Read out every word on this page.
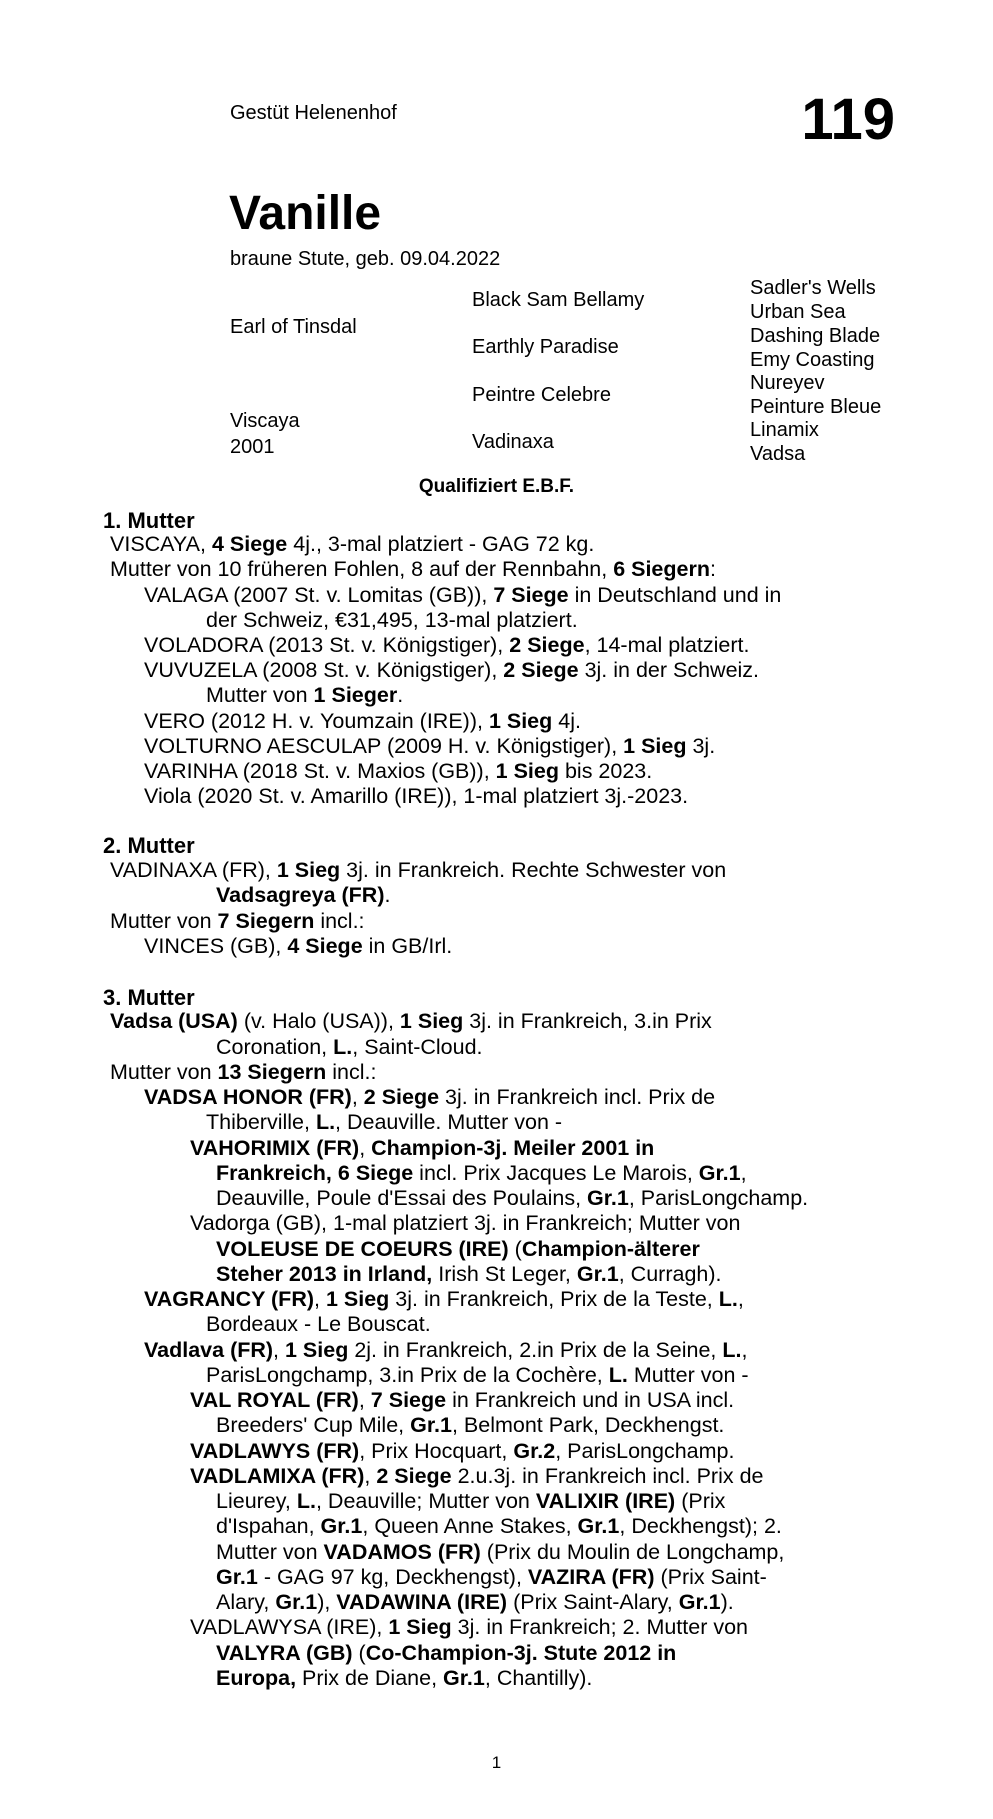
Gestüt Helenenhof	119
Vanille
braune Stute, geb. 09.04.2022
Earl of Tinsdal
Viscaya
2001
Black Sam Bellamy
Earthly Paradise
Peintre Celebre
Vadinaxa
Sadler's Wells
Urban Sea
Dashing Blade
Emy Coasting
Nureyev
Peinture Bleue
Linamix
Vadsa
Qualifiziert E.B.F.
1. Mutter
2. Mutter
3. Mutter
VISCAYA, 4 Siege 4j., 3-mal platziert - GAG 72 kg.
Mutter von 10 früheren Fohlen, 8 auf der Rennbahn, 6 Siegern:
VALAGA (2007 St. v. Lomitas (GB)), 7 Siege in Deutschland und in
der Schweiz, €31,495, 13-mal platziert.
VOLADORA (2013 St. v. Königstiger), 2 Siege, 14-mal platziert.
VUVUZELA (2008 St. v. Königstiger), 2 Siege 3j. in der Schweiz.
Mutter von 1 Sieger.
VERO (2012 H. v. Youmzain (IRE)), 1 Sieg 4j.
VOLTURNO AESCULAP (2009 H. v. Königstiger), 1 Sieg 3j.
VARINHA (2018 St. v. Maxios (GB)), 1 Sieg bis 2023.
Viola (2020 St. v. Amarillo (IRE)), 1-mal platziert 3j.-2023.
VADINAXA (FR), 1 Sieg 3j. in Frankreich. Rechte Schwester von
Vadsagreya (FR).
Mutter von 7 Siegern incl.:
VINCES (GB), 4 Siege in GB/Irl.
Vadsa (USA) (v. Halo (USA)), 1 Sieg 3j. in Frankreich, 3.in Prix
Coronation, L., Saint-Cloud.
Mutter von 13 Siegern incl.:
VADSA HONOR (FR), 2 Siege 3j. in Frankreich incl. Prix de
Thiberville, L., Deauville. Mutter von -
VAHORIMIX (FR), Champion-3j. Meiler 2001 in
Frankreich, 6 Siege incl. Prix Jacques Le Marois, Gr.1,
Deauville, Poule d'Essai des Poulains, Gr.1, ParisLongchamp.
Vadorga (GB), 1-mal platziert 3j. in Frankreich; Mutter von
VOLEUSE DE COEURS (IRE) (Champion-älterer
Steher 2013 in Irland, Irish St Leger, Gr.1, Curragh).
VAGRANCY (FR), 1 Sieg 3j. in Frankreich, Prix de la Teste, L.,
Bordeaux - Le Bouscat.
Vadlava (FR), 1 Sieg 2j. in Frankreich, 2.in Prix de la Seine, L.,
ParisLongchamp, 3.in Prix de la Cochère, L. Mutter von -
VAL ROYAL (FR), 7 Siege in Frankreich und in USA incl.
Breeders' Cup Mile, Gr.1, Belmont Park, Deckhengst.
VADLAWYS (FR), Prix Hocquart, Gr.2, ParisLongchamp.
VADLAMIXA (FR), 2 Siege 2.u.3j. in Frankreich incl. Prix de
Lieurey, L., Deauville; Mutter von VALIXIR (IRE) (Prix
d'Ispahan, Gr.1, Queen Anne Stakes, Gr.1, Deckhengst); 2.
Mutter von VADAMOS (FR) (Prix du Moulin de Longchamp,
Gr.1 - GAG 97 kg, Deckhengst), VAZIRA (FR) (Prix Saint-
Alary, Gr.1), VADAWINA (IRE) (Prix Saint-Alary, Gr.1).
VADLAWYSA (IRE), 1 Sieg 3j. in Frankreich; 2. Mutter von
VALYRA (GB) (Co-Champion-3j. Stute 2012 in
Europa, Prix de Diane, Gr.1, Chantilly).
1
